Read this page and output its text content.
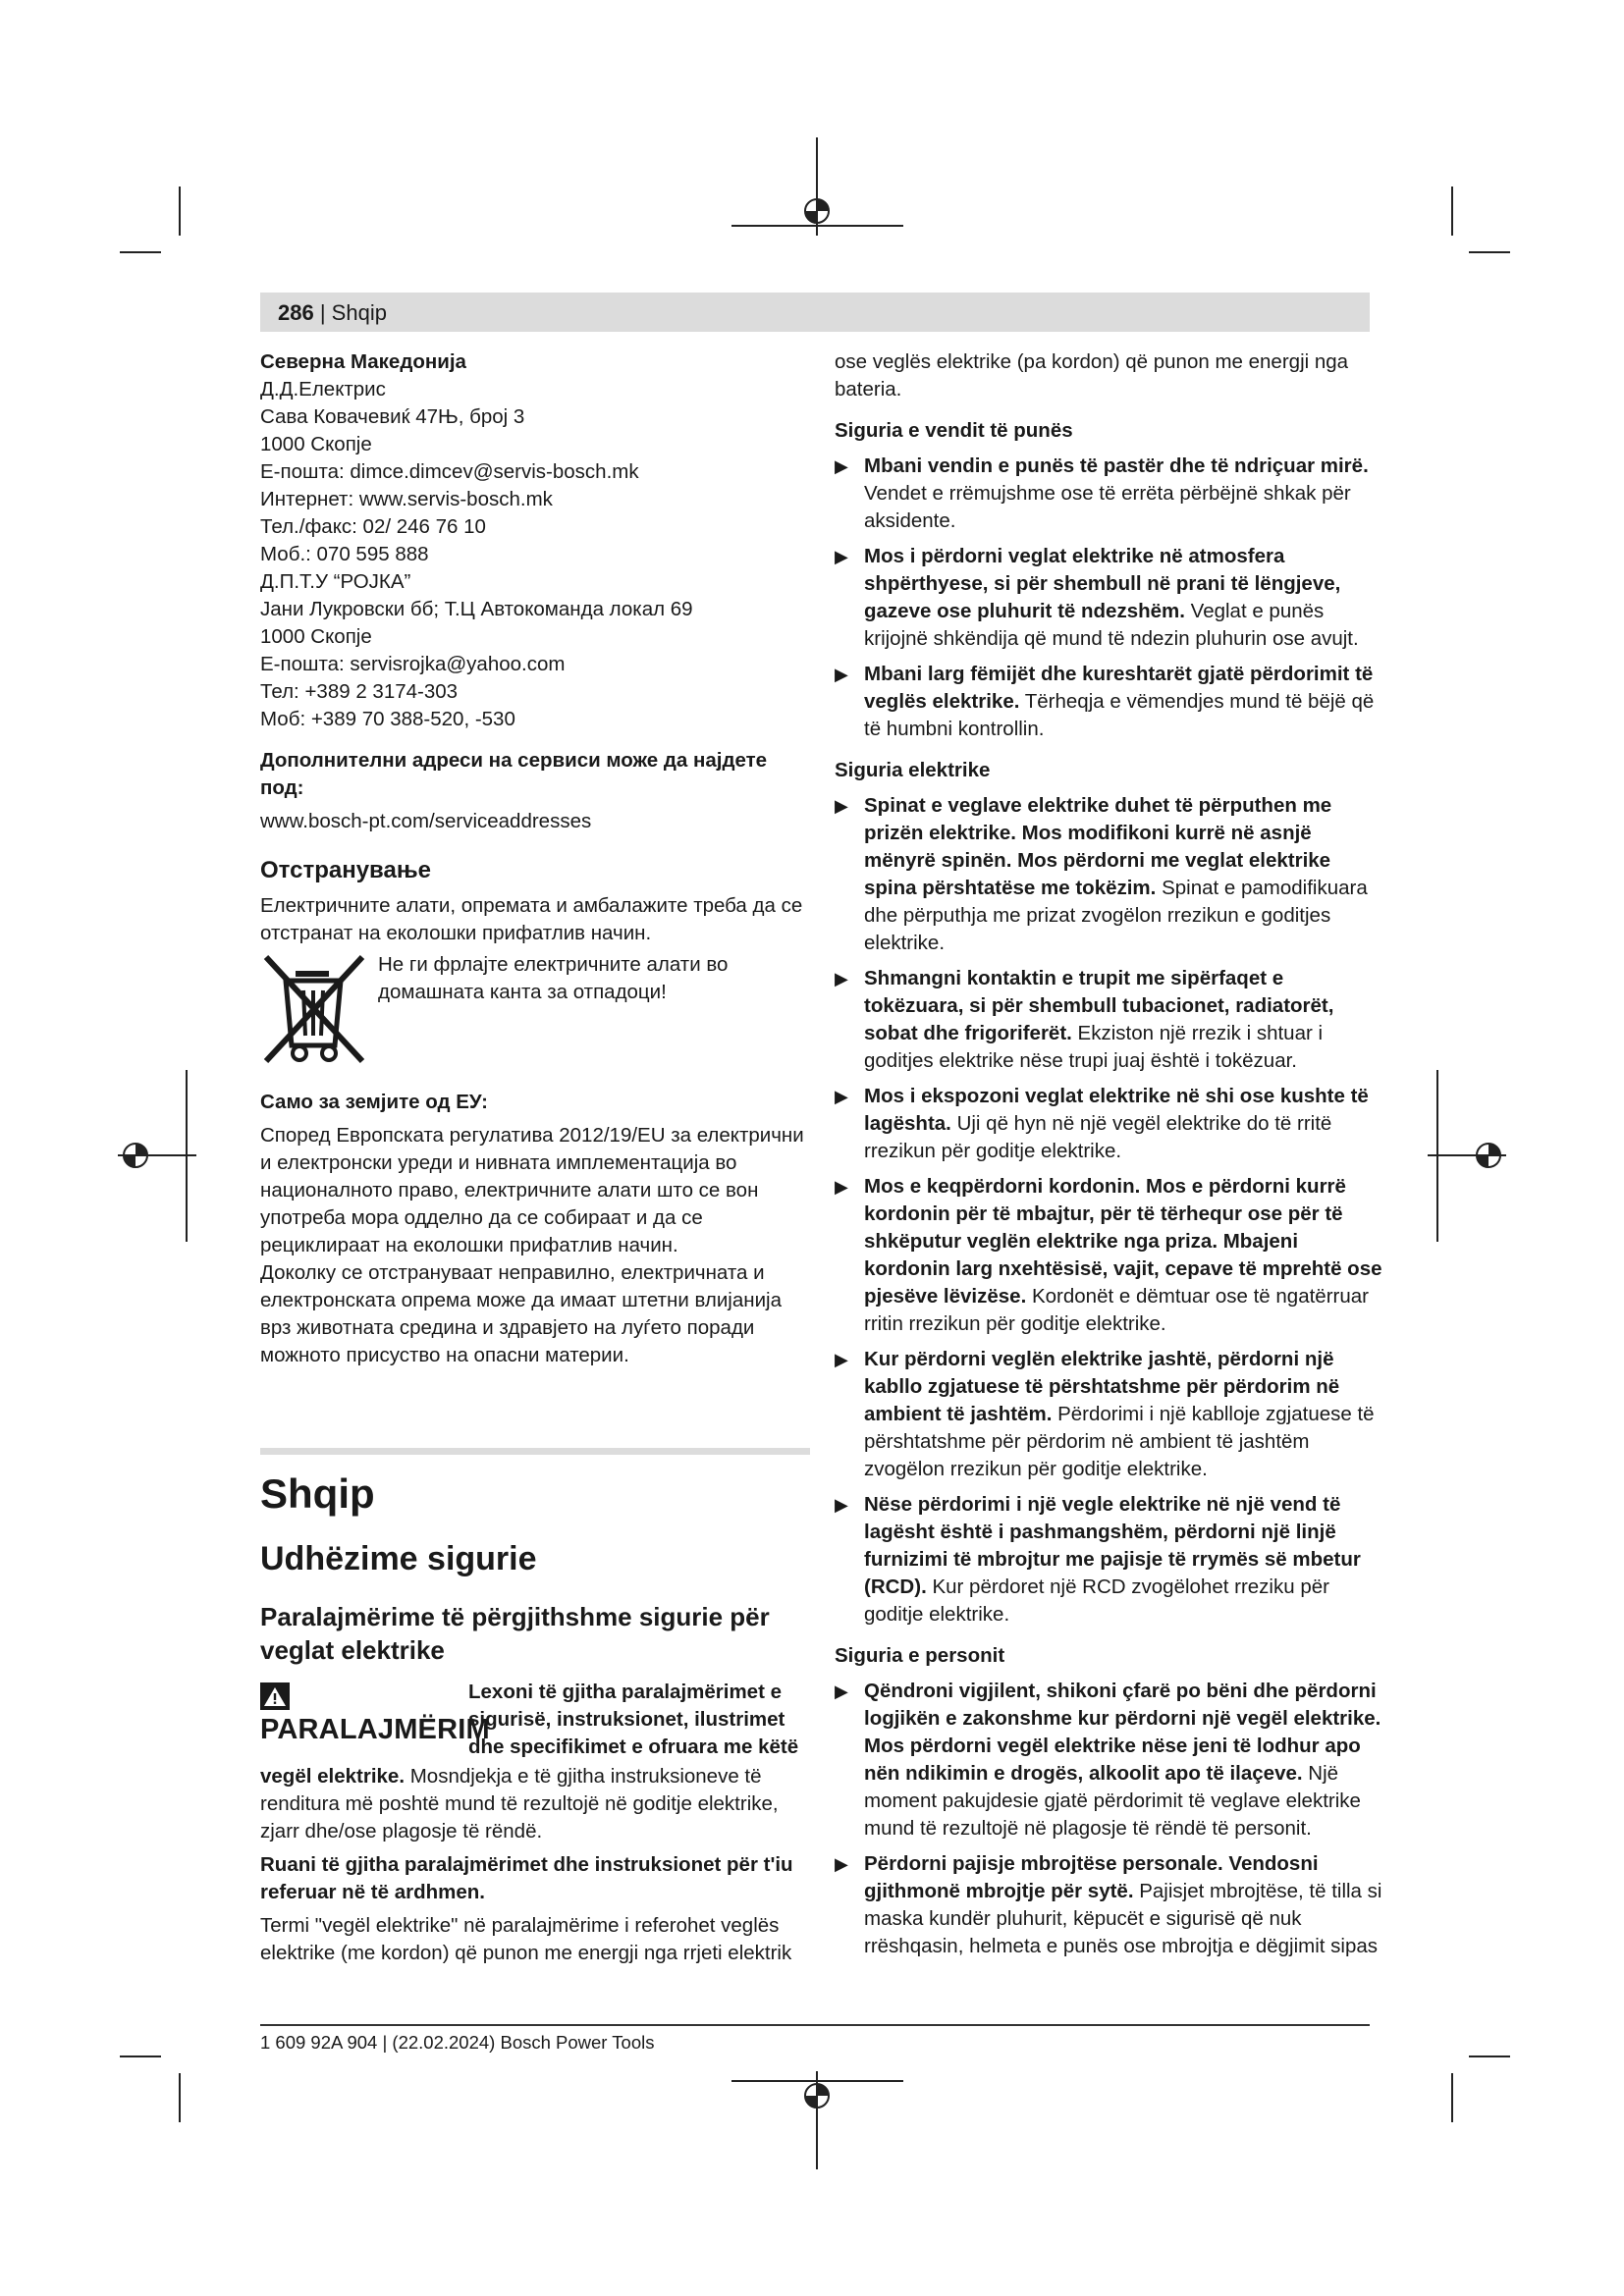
286 | Shqip

Северна Македонија

Д.Д.Електрис

Сава Ковачевиќ 47Њ, број 3

1000 Скопје

Е-пошта: dimce.dimcev@servis-bosch.mk

Интернет: www.servis-bosch.mk

Тел./факс: 02/ 246 76 10

Моб.: 070 595 888

Д.П.Т.У “РОЈКА”

Јани Лукровски бб; Т.Ц Автокоманда локал 69

1000 Скопје

Е-пошта: servisrojka@yahoo.com

Тел: +389 2 3174-303

Моб: +389 70 388-520, -530

Дополнителни адреси на сервиси може да најдете под:

www.bosch-pt.com/serviceaddresses

Отстранување

Електричните алати, опремата и амбалажите треба да се отстранат на еколошки прифатлив начин.

Не ги фрлајте електричните алати во домашната канта за отпадоци!

Само за земјите од ЕУ:

Според Европската регулатива 2012/19/EU за електрични и електронски уреди и нивната имплементација во националното право, електричните алати што се вон употреба мора одделно да се собираат и да се рециклираат на еколошки прифатлив начин.

Доколку се отстрануваат неправилно, електричната и електронската опрема може да имаат штетни влијанија врз животната средина и здравјето на луѓето поради можното присуство на опасни материи.

Shqip
Udhëzime sigurie
Paralajmërime të përgjithshme sigurie për veglat elektrike
PARALAJMËRIM
Lexoni të gjitha paralajmërimet e sigurisë, instruksionet, ilustrimet dhe specifikimet e ofruara me këtë

vegël elektrike. Mosndjekja e të gjitha instruksioneve të renditura më poshtë mund të rezultojë në goditje elektrike, zjarr dhe/ose plagosje të rëndë.

Ruani të gjitha paralajmërimet dhe instruksionet për t'iu referuar në të ardhmen.

Termi "vegël elektrike" në paralajmërime i referohet veglës elektrike (me kordon) që punon me energji nga rrjeti elektrik

ose veglës elektrike (pa kordon) që punon me energji nga bateria.

Siguria e vendit të punës

▶ Mbani vendin e punës të pastër dhe të ndriçuar mirë. Vendet e rrëmujshme ose të errëta përbëjnë shkak për aksidente.
▶ Mos i përdorni veglat elektrike në atmosfera shpërthyese, si për shembull në prani të lëngjeve, gazeve ose pluhurit të ndezshëm. Veglat e punës krijojnë shkëndija që mund të ndezin pluhurin ose avujt.
▶ Mbani larg fëmijët dhe kureshtarët gjatë përdorimit të veglës elektrike. Tërheqja e vëmendjes mund të bëjë që të humbni kontrollin.

Siguria elektrike

▶ Spinat e veglave elektrike duhet të përputhen me prizën elektrike. Mos modifikoni kurrë në asnjë mënyrë spinën. Mos përdorni me veglat elektrike spina përshtatëse me tokëzim. Spinat e pamodifikuara dhe përputhja me prizat zvogëlon rrezikun e goditjes elektrike.
▶ Shmangni kontaktin e trupit me sipërfaqet e tokëzuara, si për shembull tubacionet, radiatorët, sobat dhe frigoriferët. Ekziston një rrezik i shtuar i goditjes elektrike nëse trupi juaj është i tokëzuar.
▶ Mos i ekspozoni veglat elektrike në shi ose kushte të lagështa. Uji që hyn në një vegël elektrike do të rritë rrezikun për goditje elektrike.
▶ Mos e keqpërdorni kordonin. Mos e përdorni kurrë kordonin për të mbajtur, për të tërhequr ose për të shkëputur veglën elektrike nga priza. Mbajeni kordonin larg nxehtësisë, vajit, cepave të mprehtë ose pjesëve lëvizëse. Kordonët e dëmtuar ose të ngatërruar rritin rrezikun për goditje elektrike.
▶ Kur përdorni veglën elektrike jashtë, përdorni një kabllo zgjatuese të përshtatshme për përdorim në ambient të jashtëm. Përdorimi i një kablloje zgjatuese të përshtatshme për përdorim në ambient të jashtëm zvogëlon rrezikun për goditje elektrike.
▶ Nëse përdorimi i një vegle elektrike në një vend të lagësht është i pashmangshëm, përdorni një linjë furnizimi të mbrojtur me pajisje të rrymës së mbetur (RCD). Kur përdoret një RCD zvogëlohet rreziku për goditje elektrike.

Siguria e personit

▶ Qëndroni vigjilent, shikoni çfarë po bëni dhe përdorni logjikën e zakonshme kur përdorni një vegël elektrike. Mos përdorni vegël elektrike nëse jeni të lodhur apo nën ndikimin e drogës, alkoolit apo të ilaçeve. Një moment pakujdesie gjatë përdorimit të veglave elektrike mund të rezultojë në plagosje të rëndë të personit.
▶ Përdorni pajisje mbrojtëse personale. Vendosni gjithmonë mbrojtje për sytë. Pajisjet mbrojtëse, të tilla si maska kundër pluhurit, këpucët e sigurisë që nuk rrëshqasin, helmeta e punës ose mbrojtja e dëgjimit sipas
1 609 92A 904 | (22.02.2024) Bosch Power Tools
